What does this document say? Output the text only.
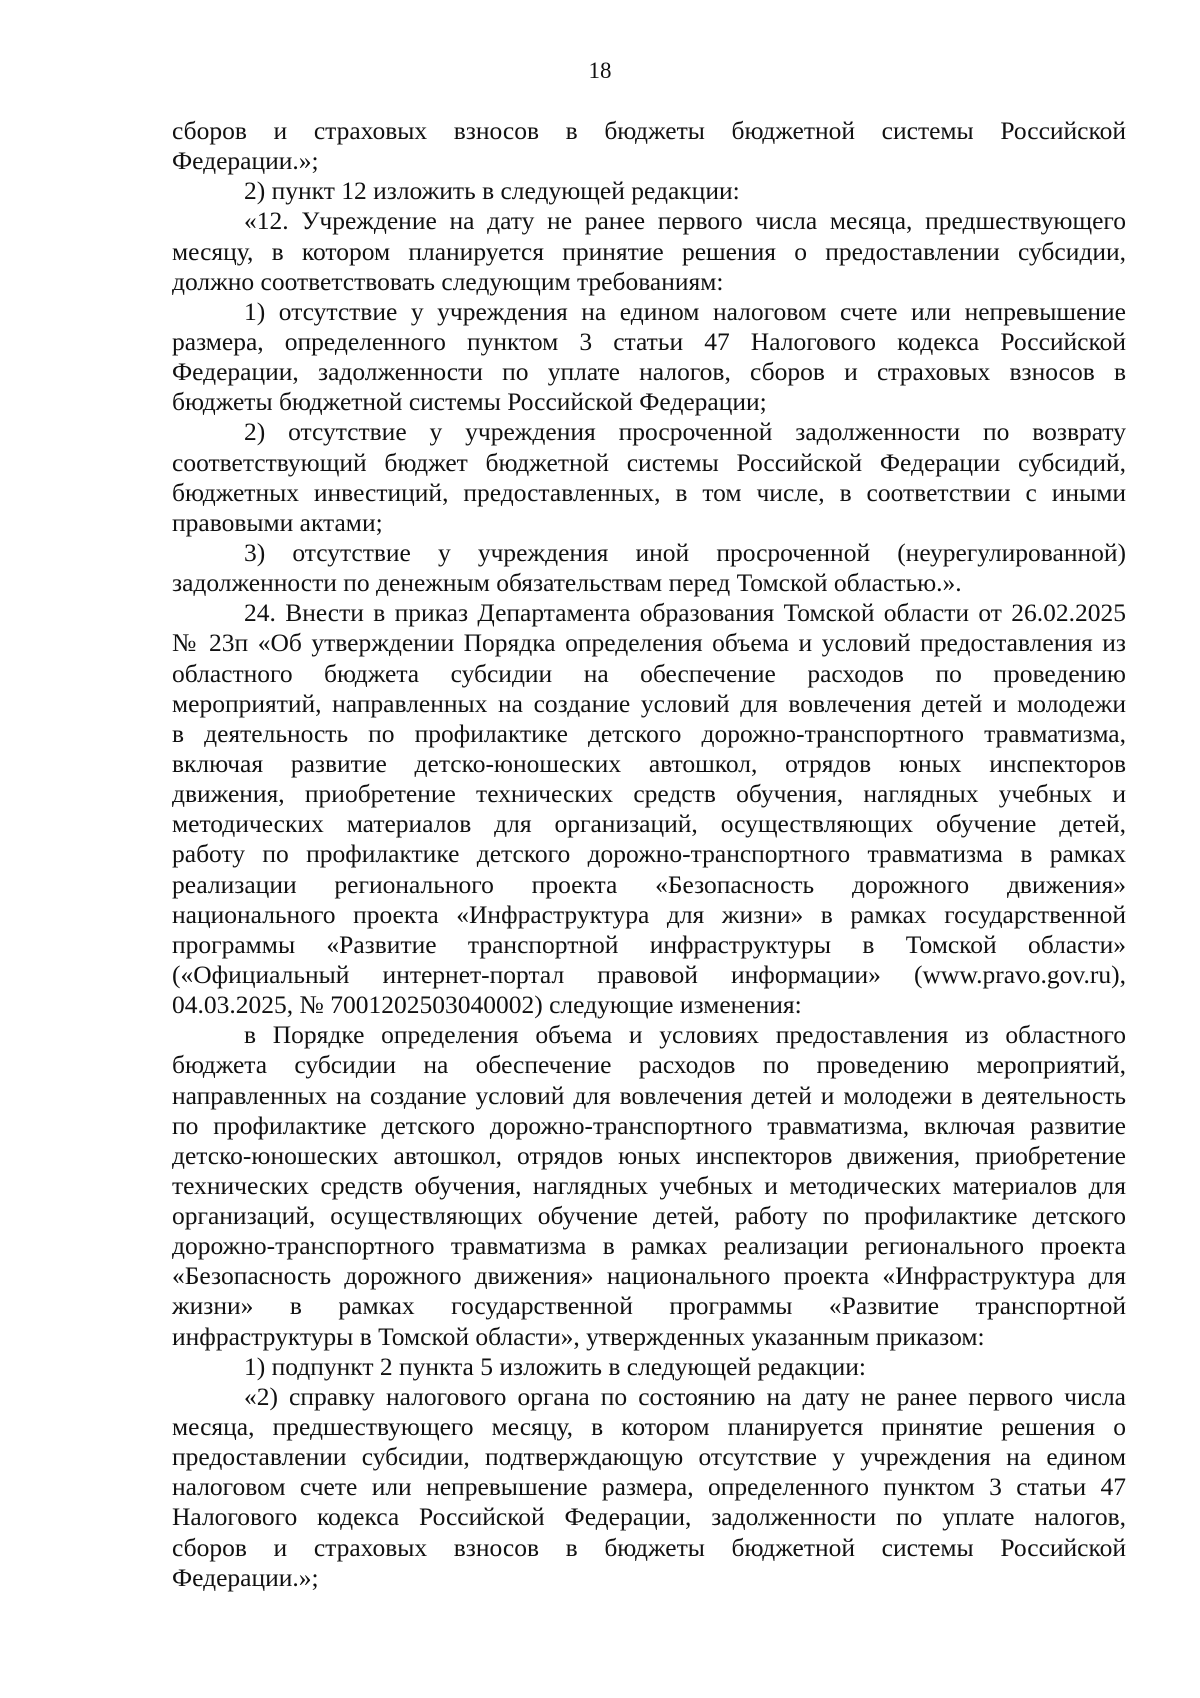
18
сборов и страховых взносов в бюджеты бюджетной системы Российской
Федерации.»;
2) пункт 12 изложить в следующей редакции:
«12. Учреждение на дату не ранее первого числа месяца, предшествующего
месяцу, в котором планируется принятие решения о предоставлении субсидии,
должно соответствовать следующим требованиям:
1) отсутствие у учреждения на едином налоговом счете или непревышение
размера, определенного пунктом 3 статьи 47 Налогового кодекса Российской
Федерации, задолженности по уплате налогов, сборов и страховых взносов в
бюджеты бюджетной системы Российской Федерации;
2) отсутствие у учреждения просроченной задолженности по возврату
соответствующий бюджет бюджетной системы Российской Федерации субсидий,
бюджетных инвестиций, предоставленных, в том числе, в соответствии с иными
правовыми актами;
3) отсутствие у учреждения иной просроченной (неурегулированной)
задолженности по денежным обязательствам перед Томской областью.».
24. Внести в приказ Департамента образования Томской области от 26.02.2025
№ 23п «Об утверждении Порядка определения объема и условий предоставления из
областного бюджета субсидии на обеспечение расходов по проведению
мероприятий, направленных на создание условий для вовлечения детей и молодежи
в деятельность по профилактике детского дорожно-транспортного травматизма,
включая развитие детско-юношеских автошкол, отрядов юных инспекторов
движения, приобретение технических средств обучения, наглядных учебных и
методических материалов для организаций, осуществляющих обучение детей,
работу по профилактике детского дорожно-транспортного травматизма в рамках
реализации регионального проекта «Безопасность дорожного движения»
национального проекта «Инфраструктура для жизни» в рамках государственной
программы «Развитие транспортной инфраструктуры в Томской области»
(«Официальный интернет-портал правовой информации» (www.pravo.gov.ru),
04.03.2025, № 7001202503040002) следующие изменения:
в Порядке определения объема и условиях предоставления из областного
бюджета субсидии на обеспечение расходов по проведению мероприятий,
направленных на создание условий для вовлечения детей и молодежи в деятельность
по профилактике детского дорожно-транспортного травматизма, включая развитие
детско-юношеских автошкол, отрядов юных инспекторов движения, приобретение
технических средств обучения, наглядных учебных и методических материалов для
организаций, осуществляющих обучение детей, работу по профилактике детского
дорожно-транспортного травматизма в рамках реализации регионального проекта
«Безопасность дорожного движения» национального проекта «Инфраструктура для
жизни» в рамках государственной программы «Развитие транспортной
инфраструктуры в Томской области», утвержденных указанным приказом:
1) подпункт 2 пункта 5 изложить в следующей редакции:
«2) справку налогового органа по состоянию на дату не ранее первого числа
месяца, предшествующего месяцу, в котором планируется принятие решения о
предоставлении субсидии, подтверждающую отсутствие у учреждения на едином
налоговом счете или непревышение размера, определенного пунктом 3 статьи 47
Налогового кодекса Российской Федерации, задолженности по уплате налогов,
сборов и страховых взносов в бюджеты бюджетной системы Российской
Федерации.»;
